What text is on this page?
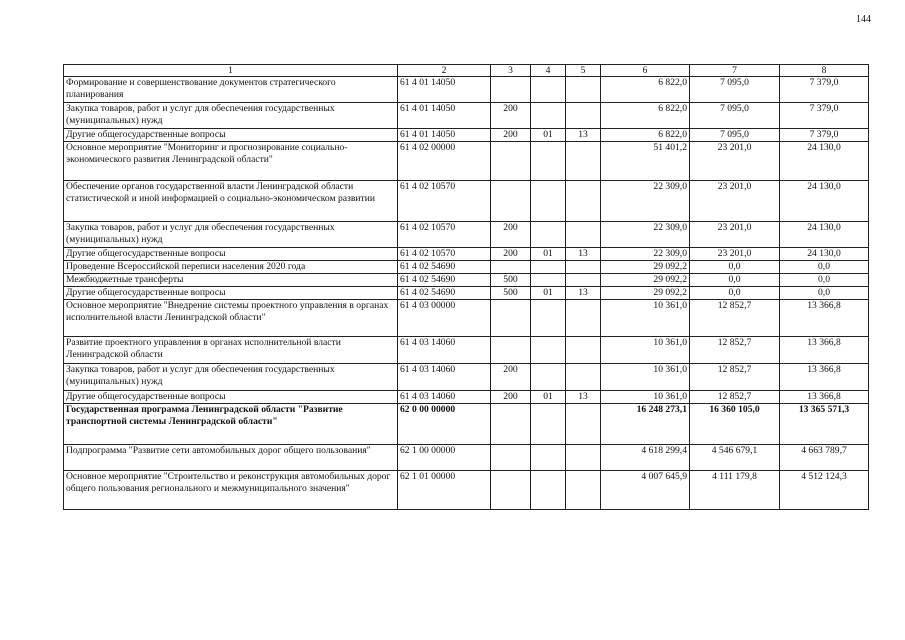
144
1	2	3	4	5	6	7	8
Формирование и совершенствование документов стратегического планирования	61 4 01 14050				6 822,0	7 095,0	7 379,0
Закупка товаров, работ и услуг для обеспечения государственных (муниципальных) нужд	61 4 01 14050	200			6 822,0	7 095,0	7 379,0
Другие общегосударственные вопросы	61 4 01 14050	200	01	13	6 822,0	7 095,0	7 379,0
Основное мероприятие "Мониторинг и прогнозирование социально-экономического развития Ленинградской области"	61 4 02 00000				51 401,2	23 201,0	24 130,0
Обеспечение органов государственной власти Ленинградской области статистической и иной информацией о социально-экономическом развитии	61 4 02 10570				22 309,0	23 201,0	24 130,0
Закупка товаров, работ и услуг для обеспечения государственных (муниципальных) нужд	61 4 02 10570	200			22 309,0	23 201,0	24 130,0
Другие общегосударственные вопросы	61 4 02 10570	200	01	13	22 309,0	23 201,0	24 130,0
Проведение Всероссийской переписи населения 2020 года	61 4 02 54690				29 092,2	0,0	0,0
Межбюджетные трансферты	61 4 02 54690	500			29 092,2	0,0	0,0
Другие общегосударственные вопросы	61 4 02 54690	500	01	13	29 092,2	0,0	0,0
Основное мероприятие "Внедрение системы проектного управления в органах исполнительной власти Ленинградской области"	61 4 03 00000				10 361,0	12 852,7	13 366,8
Развитие проектного управления в органах исполнительной власти Ленинградской области	61 4 03 14060				10 361,0	12 852,7	13 366,8
Закупка товаров, работ и услуг для обеспечения государственных (муниципальных) нужд	61 4 03 14060	200			10 361,0	12 852,7	13 366,8
Другие общегосударственные вопросы	61 4 03 14060	200	01	13	10 361,0	12 852,7	13 366,8
Государственная программа Ленинградской области "Развитие транспортной системы Ленинградской области"	62 0 00 00000				16 248 273,1	16 360 105,0	13 365 571,3
Подпрограмма "Развитие сети автомобильных дорог общего пользования"	62 1 00 00000				4 618 299,4	4 546 679,1	4 663 789,7
Основное мероприятие "Строительство и реконструкция автомобильных дорог общего пользования регионального и межмуниципального значения"	62 1 01 00000				4 007 645,9	4 111 179,8	4 512 124,3
